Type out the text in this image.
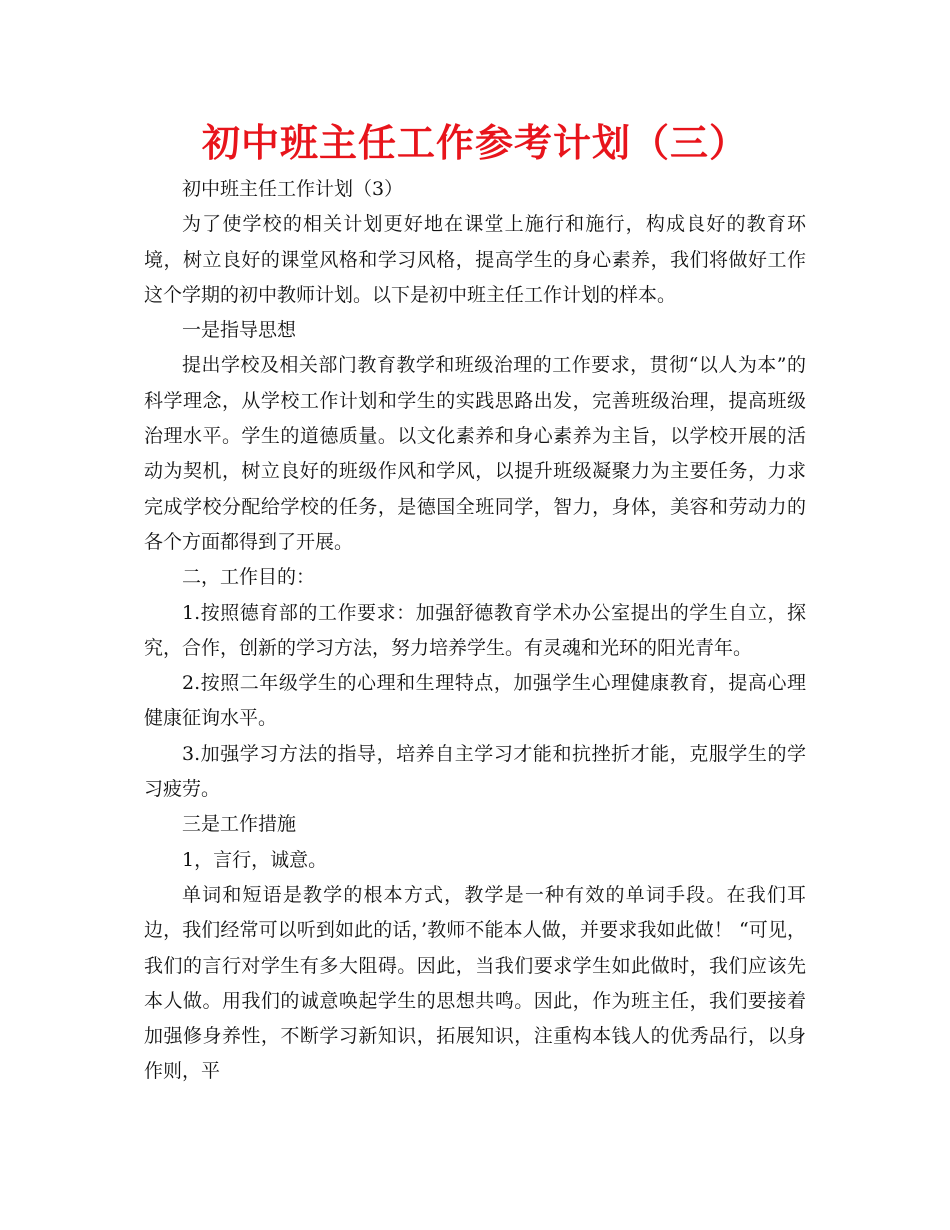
初中班主任工作参考计划（三）

初中班主任工作计划（3）

为了使学校的相关计划更好地在课堂上施行和施行，构成良好的教育环境，树立良好的课堂风格和学习风格，提高学生的身心素养，我们将做好工作这个学期的初中教师计划。以下是初中班主任工作计划的样本。

一是指导思想

提出学校及相关部门教育教学和班级治理的工作要求，贯彻“以人为本”的科学理念，从学校工作计划和学生的实践思路出发，完善班级治理，提高班级治理水平。学生的道德质量。以文化素养和身心素养为主旨，以学校开展的活动为契机，树立良好的班级作风和学风，以提升班级凝聚力为主要任务，力求完成学校分配给学校的任务，是德国全班同学，智力，身体，美容和劳动力的各个方面都得到了开展。

二，工作目的：

1.按照德育部的工作要求：加强舒德教育学术办公室提出的学生自立，探究，合作，创新的学习方法，努力培养学生。有灵魂和光环的阳光青年。

2.按照二年级学生的心理和生理特点，加强学生心理健康教育，提高心理健康征询水平。

3.加强学习方法的指导，培养自主学习才能和抗挫折才能，克服学生的学习疲劳。

三是工作措施

1，言行，诚意。

单词和短语是教学的根本方式，教学是一种有效的单词手段。在我们耳边，我们经常可以听到如此的话，’教师不能本人做，并要求我如此做！ “可见，我们的言行对学生有多大阻碍。因此，当我们要求学生如此做时，我们应该先本人做。用我们的诚意唤起学生的思想共鸣。因此，作为班主任，我们要接着加强修身养性，不断学习新知识，拓展知识，注重构本钱人的优秀品行，以身作则，平
